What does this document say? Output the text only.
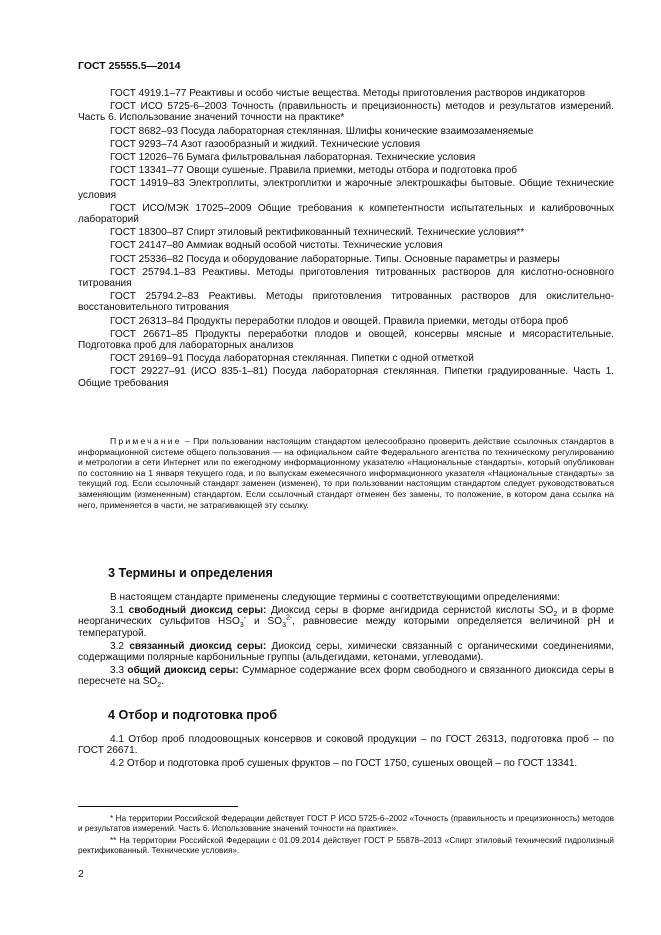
ГОСТ 25555.5—2014

ГОСТ 4919.1–77 Реактивы и особо чистые вещества. Методы приготовления растворов индикаторов

ГОСТ ИСО 5725-6–2003 Точность (правильность и прецизионность) методов и результатов измерений. Часть 6. Использование значений точности на практике*

ГОСТ 8682–93 Посуда лабораторная стеклянная. Шлифы конические взаимозаменяемые

ГОСТ 9293–74 Азот газообразный и жидкий. Технические условия

ГОСТ 12026–76 Бумага фильтровальная лабораторная. Технические условия

ГОСТ 13341–77 Овощи сушеные. Правила приемки, методы отбора и подготовка проб

ГОСТ 14919–83 Электроплиты, электроплитки и жарочные электрошкафы бытовые. Общие технические условия

ГОСТ ИСО/МЭК 17025–2009 Общие требования к компетентности испытательных и калибровочных лабораторий

ГОСТ 18300–87 Спирт этиловый ректификованный технический. Технические условия**

ГОСТ 24147–80 Аммиак водный особой чистоты. Технические условия

ГОСТ 25336–82 Посуда и оборудование лабораторные. Типы. Основные параметры и размеры

ГОСТ 25794.1–83 Реактивы. Методы приготовления титрованных растворов для кислотно-основного титрования

ГОСТ 25794.2–83 Реактивы. Методы приготовления титрованных растворов для окислительно-восстановительного титрования

ГОСТ 26313–84 Продукты переработки плодов и овощей. Правила приемки, методы отбора проб

ГОСТ 26671–85 Продукты переработки плодов и овощей, консервы мясные и мясорастительные. Подготовка проб для лабораторных анализов

ГОСТ 29169–91 Посуда лабораторная стеклянная. Пипетки с одной отметкой

ГОСТ 29227–91 (ИСО 835-1–81) Посуда лабораторная стеклянная. Пипетки градуированные. Часть 1. Общие требования

Примечание – При пользовании настоящим стандартом целесообразно проверить действие ссылочных стандартов в информационной системе общего пользования — на официальном сайте Федерального агентства по техническому регулированию и метрологии в сети Интернет или по ежегодному информационному указателю «Национальные стандарты», который опубликован по состоянию на 1 января текущего года, и по выпускам ежемесячного информационного указателя «Национальные стандарты» за текущий год. Если ссылочный стандарт заменен (изменен), то при пользовании настоящим стандартом следует руководствоваться заменяющим (измененным) стандартом. Если ссылочный стандарт отменен без замены, то положение, в котором дана ссылка на него, применяется в части, не затрагивающей эту ссылку.

3 Термины и определения

В настоящем стандарте применены следующие термины с соответствующими определениями:

3.1 свободный диоксид серы: Диоксид серы в форме ангидрида сернистой кислоты $SO_2$ и в форме неорганических сульфитов $HSO_3^-$ и $SO_3^{2-}$, равновесие между которыми определяется величиной pH и температурой.

3.2 связанный диоксид серы: Диоксид серы, химически связанный с органическими соединениями, содержащими полярные карбонильные группы (альдегидами, кетонами, углеводами).

3.3 общий диоксид серы: Суммарное содержание всех форм свободного и связанного диоксида серы в пересчете на $SO_2$.

4 Отбор и подготовка проб

4.1 Отбор проб плодоовощных консервов и соковой продукции – по ГОСТ 26313, подготовка проб – по ГОСТ 26671.

4.2 Отбор и подготовка проб сушеных фруктов – по ГОСТ 1750, сушеных овощей – по ГОСТ 13341.

* На территории Российской Федерации действует ГОСТ Р ИСО 5725-6–2002 «Точность (правильность и прецизионность) методов и результатов измерений. Часть 6. Использование значений точности на практике».

** На территории Российской Федерации с 01.09.2014 действует ГОСТ Р 55878–2013 «Спирт этиловый технический гидролизный ректификованный. Технические условия».

2
